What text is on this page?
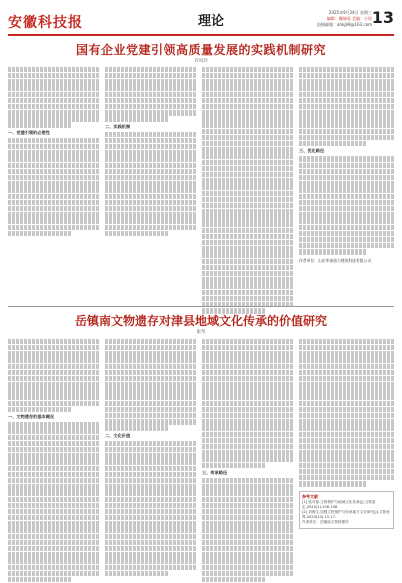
安徽科技报	理论
2025年9月24日 星期三
编辑：魏瑞英 美编：小琼
投稿邮箱：ahkjb9@163.com 13
国有企业党建引领高质量发展的实践机制研究
许凤玲
一、党建引领的必要性
二、实践机制
三、优化路径
作者单位：山东华泰通力建筑科技有限公司
岳镇南文物遗存对津县地域文化传承的价值研究
张琴
一、文物遗存的基本概况
二、文化价值
三、传承路径
参考文献
[1] 张可蓉.文物保护与地域文化传承[J].文物鉴定,2020(1):106-108.
[2] 刘海生.加强文物保护与传承地方文化研究[J].文物世界,2024(10):15-17.
作者单位：岳镇南文物管理所
